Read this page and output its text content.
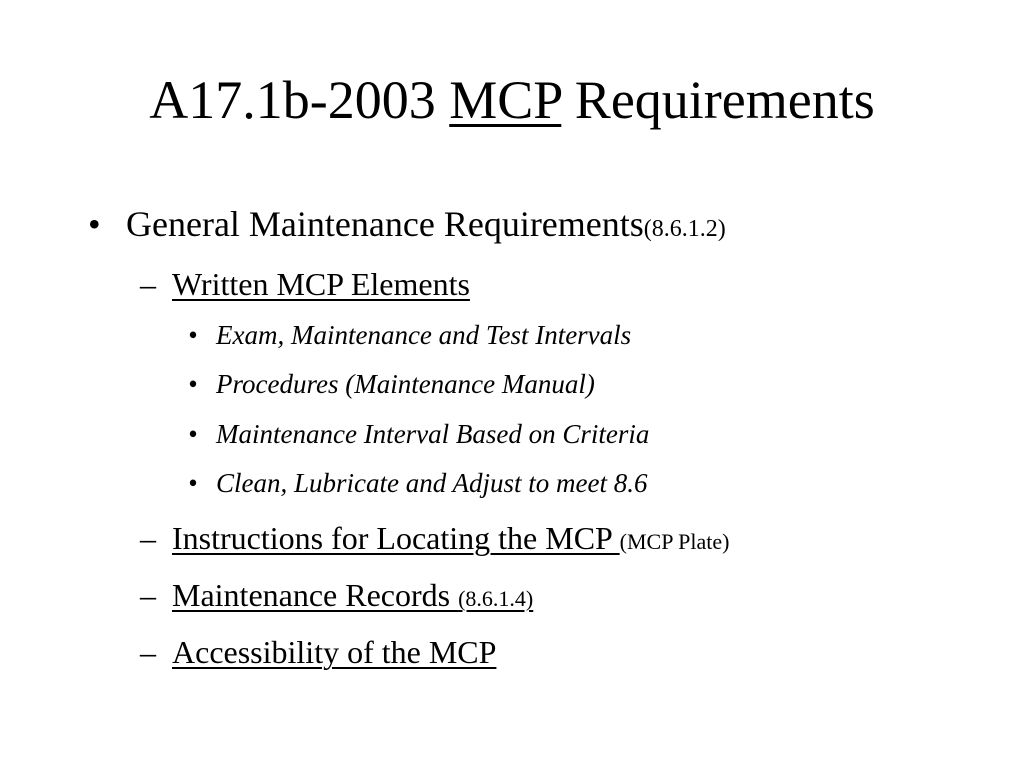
A17.1b-2003 MCP Requirements
• General Maintenance Requirements(8.6.1.2)
– Written MCP Elements
• Exam, Maintenance and Test Intervals
• Procedures (Maintenance Manual)
• Maintenance Interval Based on Criteria
• Clean, Lubricate and Adjust to meet 8.6
– Instructions for Locating the MCP (MCP Plate)
– Maintenance Records (8.6.1.4)
– Accessibility of the MCP
